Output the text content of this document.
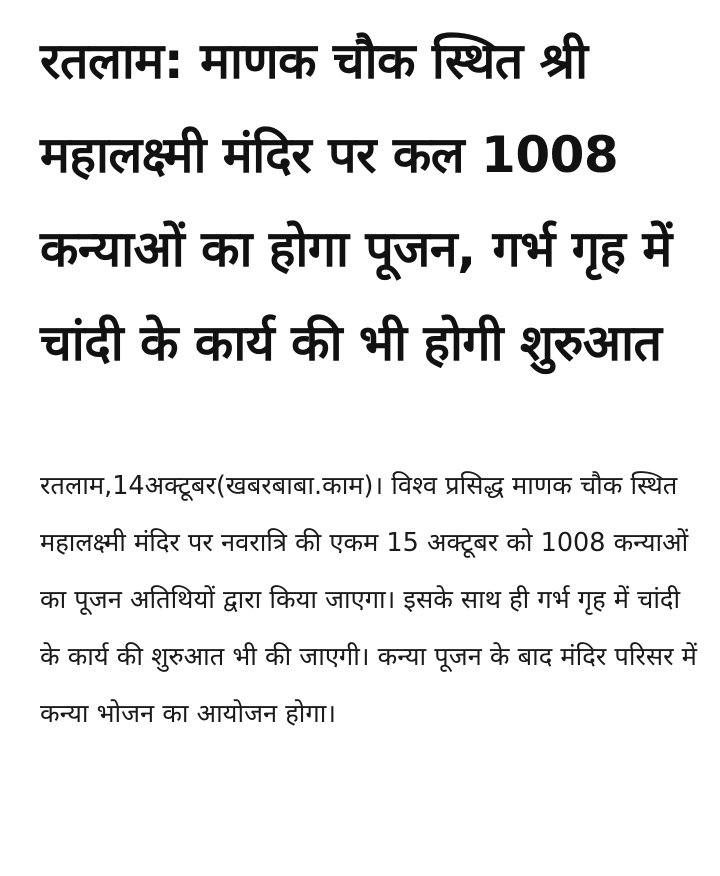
रतलाम: माणक चौक स्थित श्री महालक्ष्मी मंदिर पर कल 1008 कन्याओं का होगा पूजन, गर्भ गृह में चांदी के कार्य की भी होगी शुरुआत

रतलाम,14अक्टूबर(खबरबाबा.काम)। विश्व प्रसिद्ध माणक चौक स्थित महालक्ष्मी मंदिर पर नवरात्रि की एकम 15 अक्टूबर को 1008 कन्याओं का पूजन अतिथियों द्वारा किया जाएगा। इसके साथ ही गर्भ गृह में चांदी के कार्य की शुरुआत भी की जाएगी। कन्या पूजन के बाद मंदिर परिसर में कन्या भोजन का आयोजन होगा।
